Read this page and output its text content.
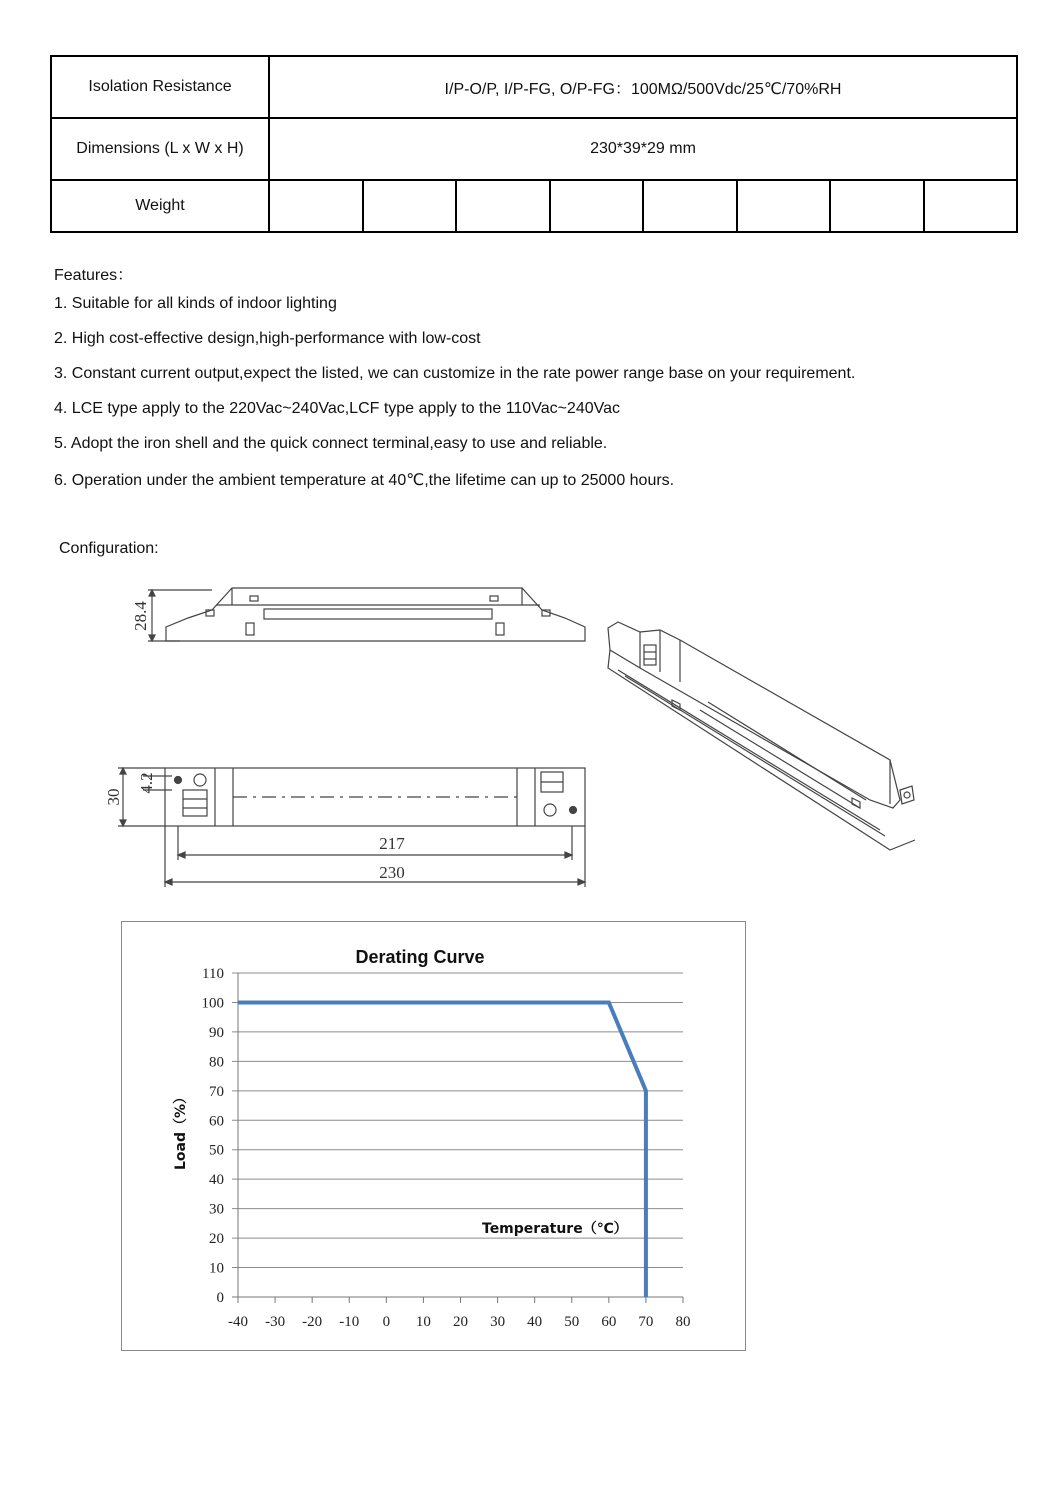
Isolation Resistance	I/P-O/P, I/P-FG, O/P-FG：100MΩ/500Vdc/25℃/70%RH							
Dimensions (L x W x H)	230*39*29 mm							
Weight								
Features：
1. Suitable for all kinds of indoor lighting
2. High cost-effective design,high-performance with low-cost
3. Constant current output,expect the listed, we can customize in the rate power range base on your requirement.
4. LCE type apply to the 220Vac~240Vac,LCF type apply to the 110Vac~240Vac
5. Adopt the iron shell and the quick connect terminal,easy to use and reliable.
6. Operation under the ambient temperature at 40℃,the lifetime can up to 25000 hours.
Configuration:
28.4
30
4.2
217
230
Derating Curve
0
10
20
30
40
50
60
70
80
90
100
110
-40 -30 -20 -10 0 10 20 30 40 50 60 70 80
Load（%）
Temperature（℃）
